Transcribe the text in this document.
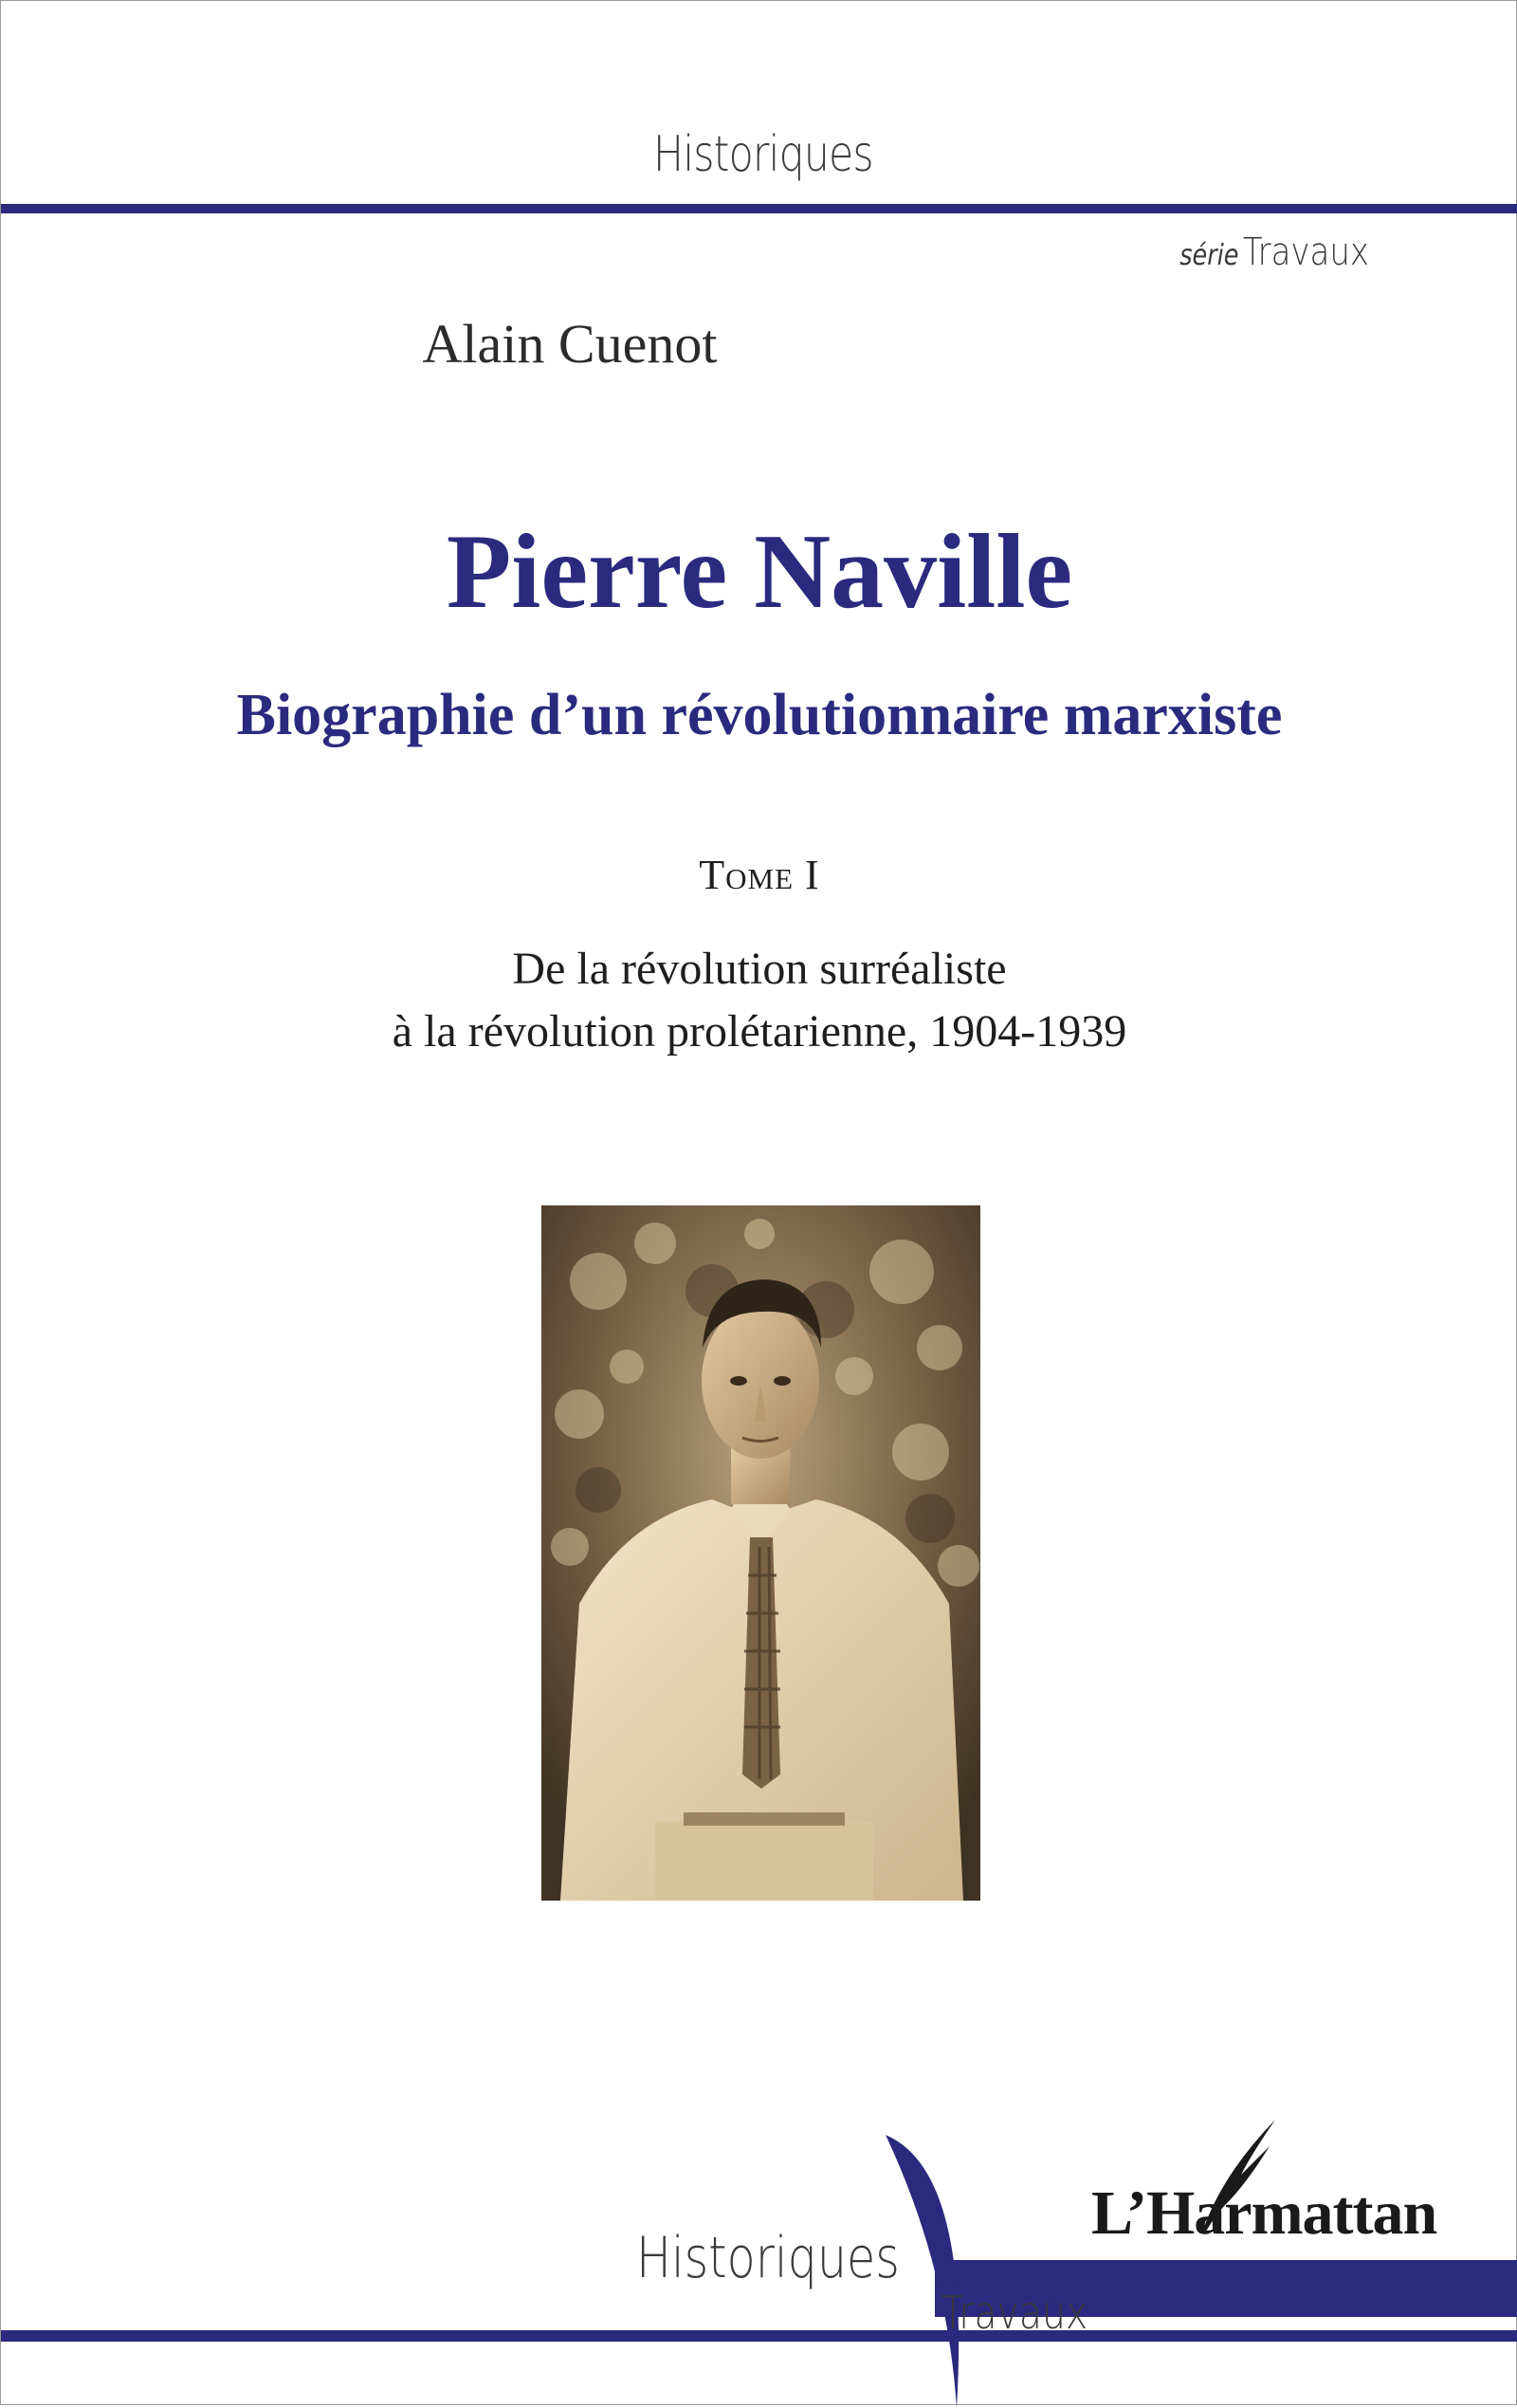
Historiques
série Travaux
Alain Cuenot
Pierre Naville
Biographie d’un révolutionnaire marxiste
Tome I
De la révolution surréaliste
à la révolution prolétarienne, 1904-1939
Historiques
Travaux
L’Harmattan
